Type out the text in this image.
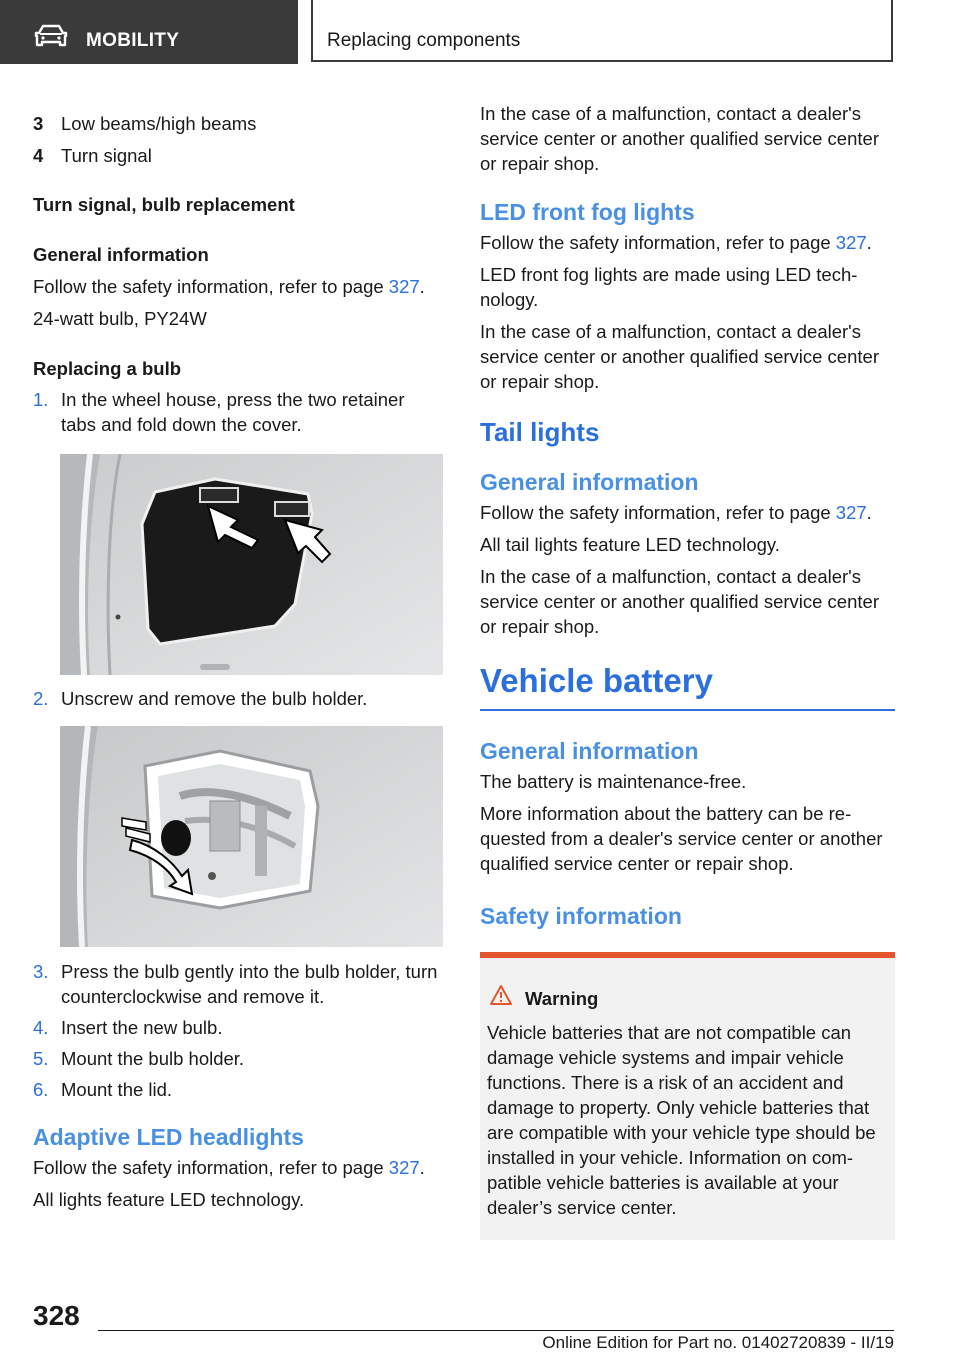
MOBILITY	Replacing components
3 Low beams/high beams
4 Turn signal

Turn signal, bulb replacement

General information

Follow the safety information, refer to page 327.

24-watt bulb, PY24W

Replacing a bulb

1. In the wheel house, press the two retainer tabs and fold down the cover.
2. Unscrew and remove the bulb holder.
3. Press the bulb gently into the bulb holder, turn counterclockwise and remove it.
4. Insert the new bulb.
5. Mount the bulb holder.
6. Mount the lid.

Adaptive LED headlights

Follow the safety information, refer to page 327.

All lights feature LED technology.

In the case of a malfunction, contact a dealer's service center or another qualified service center or repair shop.

LED front fog lights

Follow the safety information, refer to page 327.

LED front fog lights are made using LED technology.

In the case of a malfunction, contact a dealer's service center or another qualified service center or repair shop.

Tail lights

General information

Follow the safety information, refer to page 327.

All tail lights feature LED technology.

In the case of a malfunction, contact a dealer's service center or another qualified service center or repair shop.

Vehicle battery

General information

The battery is maintenance-free.

More information about the battery can be requested from a dealer's service center or another qualified service center or repair shop.

Safety information

Warning

Vehicle batteries that are not compatible can damage vehicle systems and impair vehicle functions. There is a risk of an accident and damage to property. Only vehicle batteries that are compatible with your vehicle type should be installed in your vehicle. Information on compatible vehicle batteries is available at your dealer’s service center.

328
Online Edition for Part no. 01402720839 - II/19
